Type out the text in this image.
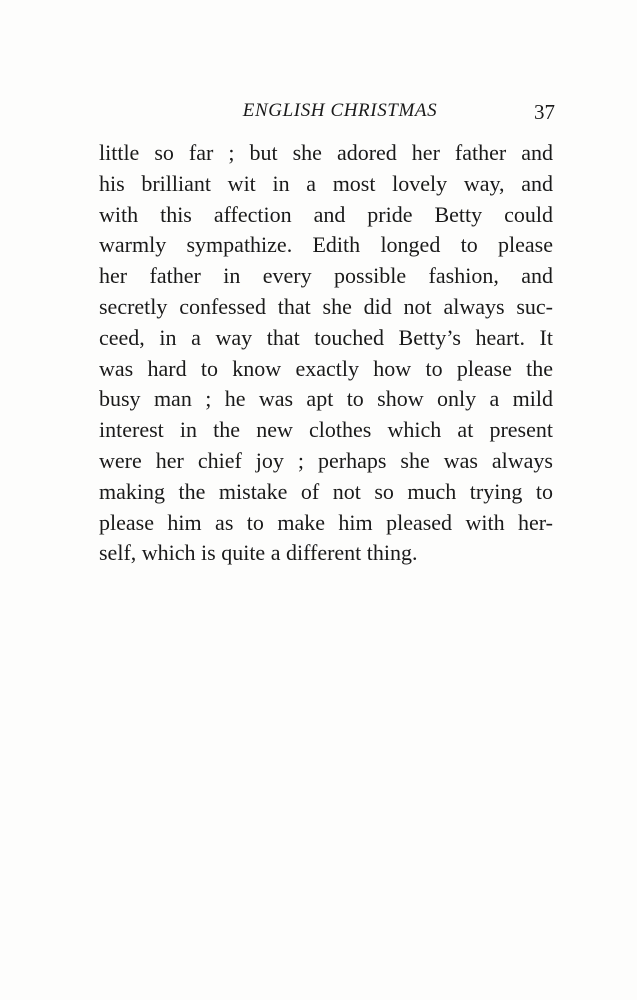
ENGLISH CHRISTMAS	37
little so far ; but she adored her father and
his brilliant wit in a most lovely way, and
with this affection and pride Betty could
warmly sympathize. Edith longed to please
her father in every possible fashion, and
secretly confessed that she did not always suc-
ceed, in a way that touched Betty’s heart. It
was hard to know exactly how to please the
busy man ; he was apt to show only a mild
interest in the new clothes which at present
were her chief joy ; perhaps she was always
making the mistake of not so much trying to
please him as to make him pleased with her-
self, which is quite a different thing.
